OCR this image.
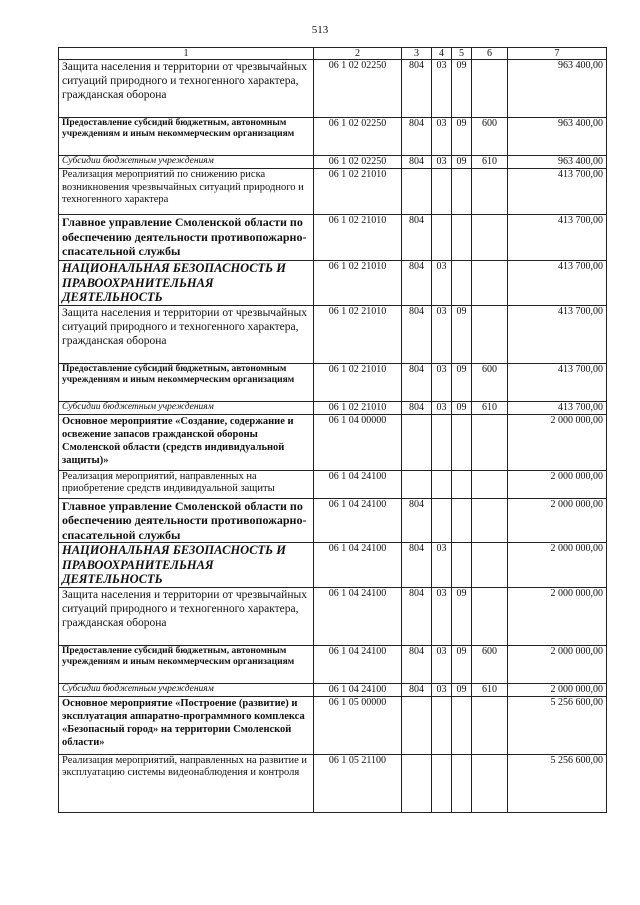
513
1	2	3	4	5	6	7
Защита населения и территории от чрезвычайных ситуаций природного и техногенного характера, гражданская оборона	06 1 02 02250	804	03	09		963 400,00
Предоставление субсидий бюджетным, автономным учреждениям и иным некоммерческим организациям	06 1 02 02250	804	03	09	600	963 400,00
Субсидии бюджетным учреждениям	06 1 02 02250	804	03	09	610	963 400,00
Реализация мероприятий по снижению риска возникновения чрезвычайных ситуаций природного и техногенного характера	06 1 02 21010					413 700,00
Главное управление Смоленской области по обеспечению деятельности противопожарно-спасательной службы	06 1 02 21010	804				413 700,00
НАЦИОНАЛЬНАЯ БЕЗОПАСНОСТЬ И ПРАВООХРАНИТЕЛЬНАЯ ДЕЯТЕЛЬНОСТЬ	06 1 02 21010	804	03			413 700,00
Защита населения и территории от чрезвычайных ситуаций природного и техногенного характера, гражданская оборона	06 1 02 21010	804	03	09		413 700,00
Предоставление субсидий бюджетным, автономным учреждениям и иным некоммерческим организациям	06 1 02 21010	804	03	09	600	413 700,00
Субсидии бюджетным учреждениям	06 1 02 21010	804	03	09	610	413 700,00
Основное мероприятие «Создание, содержание и освежение запасов гражданской обороны Смоленской области (средств индивидуальной защиты)»	06 1 04 00000					2 000 000,00
Реализация мероприятий, направленных на приобретение средств индивидуальной защиты	06 1 04 24100					2 000 000,00
Главное управление Смоленской области по обеспечению деятельности противопожарно-спасательной службы	06 1 04 24100	804				2 000 000,00
НАЦИОНАЛЬНАЯ БЕЗОПАСНОСТЬ И ПРАВООХРАНИТЕЛЬНАЯ ДЕЯТЕЛЬНОСТЬ	06 1 04 24100	804	03			2 000 000,00
Защита населения и территории от чрезвычайных ситуаций природного и техногенного характера, гражданская оборона	06 1 04 24100	804	03	09		2 000 000,00
Предоставление субсидий бюджетным, автономным учреждениям и иным некоммерческим организациям	06 1 04 24100	804	03	09	600	2 000 000,00
Субсидии бюджетным учреждениям	06 1 04 24100	804	03	09	610	2 000 000,00
Основное мероприятие «Построение (развитие) и эксплуатация аппаратно-программного комплекса «Безопасный город» на территории Смоленской области»	06 1 05 00000					5 256 600,00
Реализация мероприятий, направленных на развитие и эксплуатацию системы видеонаблюдения и контроля	06 1 05 21100					5 256 600,00
